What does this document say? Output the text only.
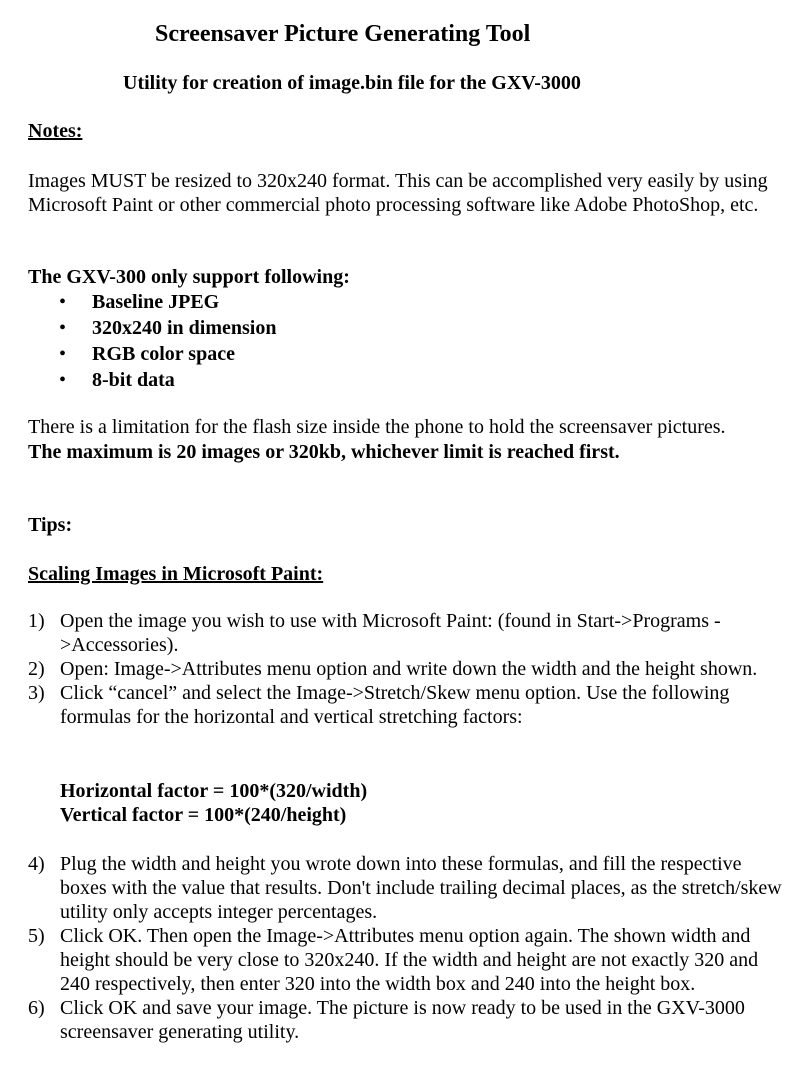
Screensaver Picture Generating Tool
Utility for creation of image.bin file for the GXV-3000
Notes:
Images MUST be resized to 320x240 format. This can be accomplished very easily by using Microsoft Paint or other commercial photo processing software like Adobe PhotoShop, etc.
The GXV-300 only support following:
• Baseline JPEG
• 320x240 in dimension
• RGB color space
• 8-bit data
There is a limitation for the flash size inside the phone to hold the screensaver pictures.
The maximum is 20 images or 320kb, whichever limit is reached first.
Tips:
Scaling Images in Microsoft Paint:
1) Open the image you wish to use with Microsoft Paint: (found in Start->Programs ->Accessories).
2) Open: Image->Attributes menu option and write down the width and the height shown.
3) Click “cancel” and select the Image->Stretch/Skew menu option. Use the following formulas for the horizontal and vertical stretching factors:
Horizontal factor = 100*(320/width)
Vertical factor = 100*(240/height)
4) Plug the width and height you wrote down into these formulas, and fill the respective boxes with the value that results. Don't include trailing decimal places, as the stretch/skew utility only accepts integer percentages.
5) Click OK. Then open the Image->Attributes menu option again. The shown width and height should be very close to 320x240. If the width and height are not exactly 320 and 240 respectively, then enter 320 into the width box and 240 into the height box.
6) Click OK and save your image. The picture is now ready to be used in the GXV-3000 screensaver generating utility.
